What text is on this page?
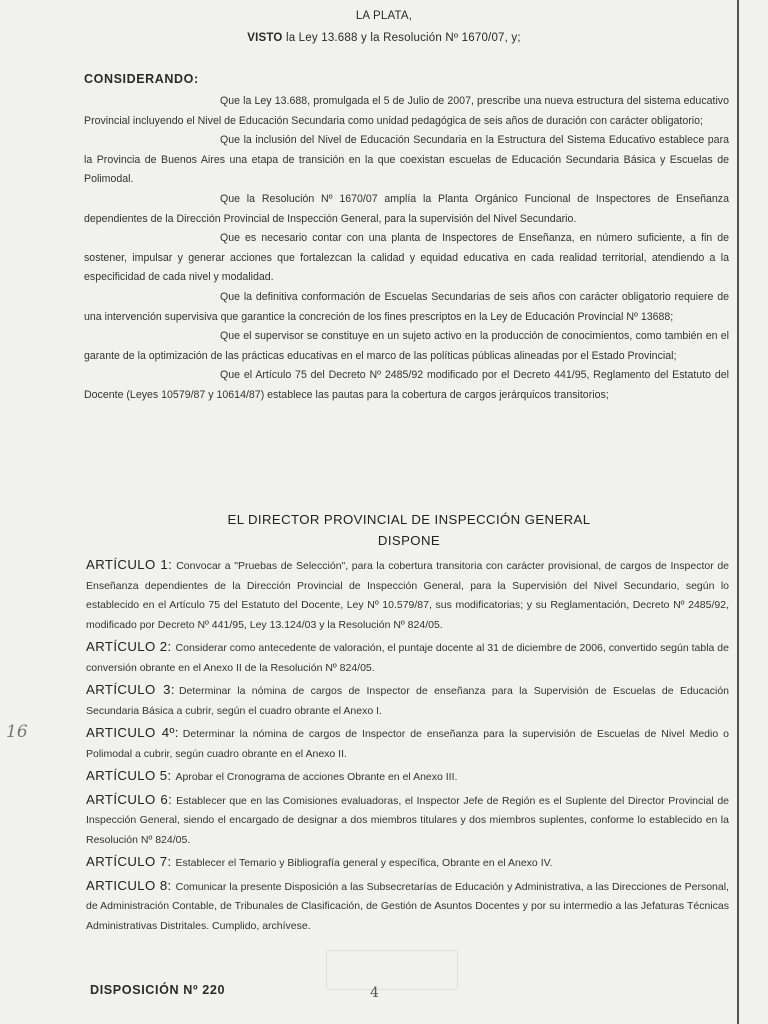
LA PLATA,
VISTO la Ley 13.688 y la Resolución Nº 1670/07, y;
CONSIDERANDO:

Que la Ley 13.688, promulgada el 5 de Julio de 2007, prescribe una nueva estructura del sistema educativo Provincial incluyendo el Nivel de Educación Secundaria como unidad pedagógica de seis años de duración con carácter obligatorio;

Que la inclusión del Nivel de Educación Secundaria en la Estructura del Sistema Educativo establece para la Provincia de Buenos Aires una etapa de transición en la que coexistan escuelas de Educación Secundaria Básica y Escuelas de Polimodal.

Que la Resolución Nº 1670/07 amplía la Planta Orgánico Funcional de Inspectores de Enseñanza dependientes de la Dirección Provincial de Inspección General, para la supervisión del Nivel Secundario.

Que es necesario contar con una planta de Inspectores de Enseñanza, en número suficiente, a fin de sostener, impulsar y generar acciones que fortalezcan la calidad y equidad educativa en cada realidad territorial, atendiendo a la especificidad de cada nivel y modalidad.

Que la definitiva conformación de Escuelas Secundarias de seis años con carácter obligatorio requiere de una intervención supervisiva que garantice la concreción de los fines prescriptos en la Ley de Educación Provincial Nº 13688;

Que el supervisor se constituye en un sujeto activo en la producción de conocimientos, como también en el garante de la optimización de las prácticas educativas en el marco de las políticas públicas alineadas por el Estado Provincial;

Que el Artículo 75 del Decreto Nº 2485/92 modificado por el Decreto 441/95, Reglamento del Estatuto del Docente (Leyes 10579/87 y 10614/87) establece las pautas para la cobertura de cargos jerárquicos transitorios;

EL DIRECTOR PROVINCIAL DE INSPECCIÓN GENERAL
DISPONE

ARTÍCULO 1: Convocar a "Pruebas de Selección", para la cobertura transitoria con carácter provisional, de cargos de Inspector de Enseñanza dependientes de la Dirección Provincial de Inspección General, para la Supervisión del Nivel Secundario, según lo establecido en el Artículo 75 del Estatuto del Docente, Ley Nº 10.579/87, sus modificatorias; y su Reglamentación, Decreto Nº 2485/92, modificado por Decreto Nº 441/95, Ley 13.124/03 y la Resolución Nº 824/05.

ARTÍCULO 2: Considerar como antecedente de valoración, el puntaje docente al 31 de diciembre de 2006, convertido según tabla de conversión obrante en el Anexo II de la Resolución Nº 824/05.

ARTÍCULO 3: Determinar la nómina de cargos de Inspector de enseñanza para la Supervisión de Escuelas de Educación Secundaria Básica a cubrir, según el cuadro obrante el Anexo I.

ARTICULO 4º: Determinar la nómina de cargos de Inspector de enseñanza para la supervisión de Escuelas de Nivel Medio o Polimodal a cubrir, según cuadro obrante en el Anexo II.

ARTÍCULO 5: Aprobar el Cronograma de acciones Obrante en el Anexo III.

ARTÍCULO 6: Establecer que en las Comisiones evaluadoras, el Inspector Jefe de Región es el Suplente del Director Provincial de Inspección General, siendo el encargado de designar a dos miembros titulares y dos miembros suplentes, conforme lo establecido en la Resolución Nº 824/05.

ARTÍCULO 7: Establecer el Temario y Bibliografía general y específica, Obrante en el Anexo IV.

ARTICULO 8: Comunicar la presente Disposición a las Subsecretarías de Educación y Administrativa, a las Direcciones de Personal, de Administración Contable, de Tribunales de Clasificación, de Gestión de Asuntos Docentes y por su intermedio a las Jefaturas Técnicas Administrativas Distritales. Cumplido, archívese.

16
DISPOSICIÓN Nº 220	4
